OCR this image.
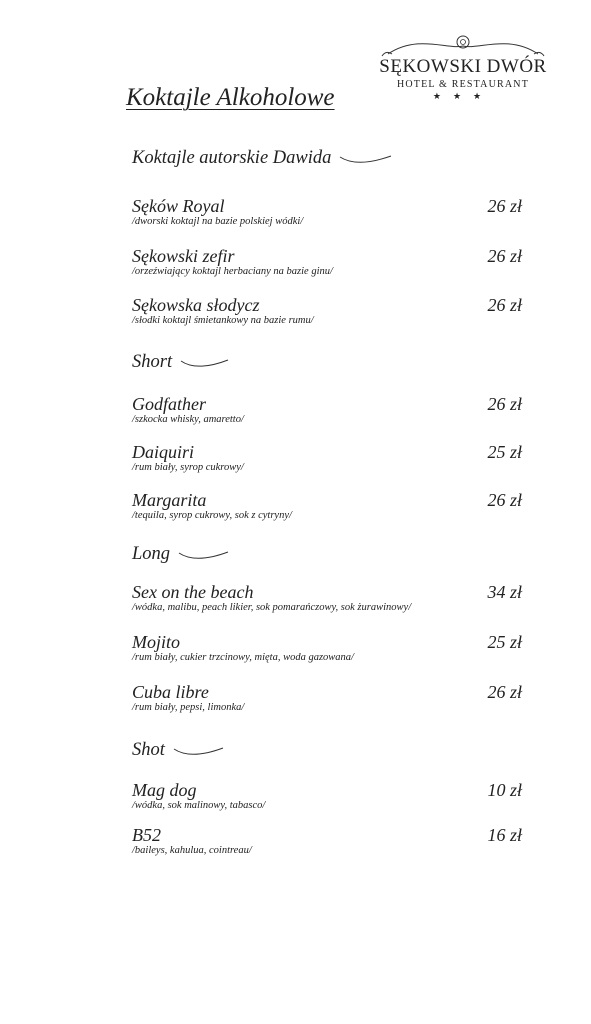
SĘKOWSKI DWÓR
HOTEL & RESTAURANT
★★★
Koktajle Alkoholowe
Koktajle autorskie Dawida
Sęków Royal
/dworski koktajl na bazie polskiej wódki/
26 zł
Sękowski zefir
/orzeźwiający koktajl herbaciany na bazie ginu/
26 zł
Sękowska słodycz
/słodki koktajl śmietankowy na bazie rumu/
26 zł
Short
Godfather
/szkocka whisky, amaretto/
26 zł
Daiquiri
/rum biały, syrop cukrowy/
25 zł
Margarita
/tequila, syrop cukrowy, sok z cytryny/
26 zł
Long
Sex on the beach
/wódka, malibu, peach likier, sok pomarańczowy, sok żurawinowy/
34 zł
Mojito
/rum biały, cukier trzcinowy, mięta, woda gazowana/
25 zł
Cuba libre
/rum biały, pepsi, limonka/
26 zł
Shot
Mag dog
/wódka, sok malinowy, tabasco/
10 zł
B52
/baileys, kahulua, cointreau/
16 zł
